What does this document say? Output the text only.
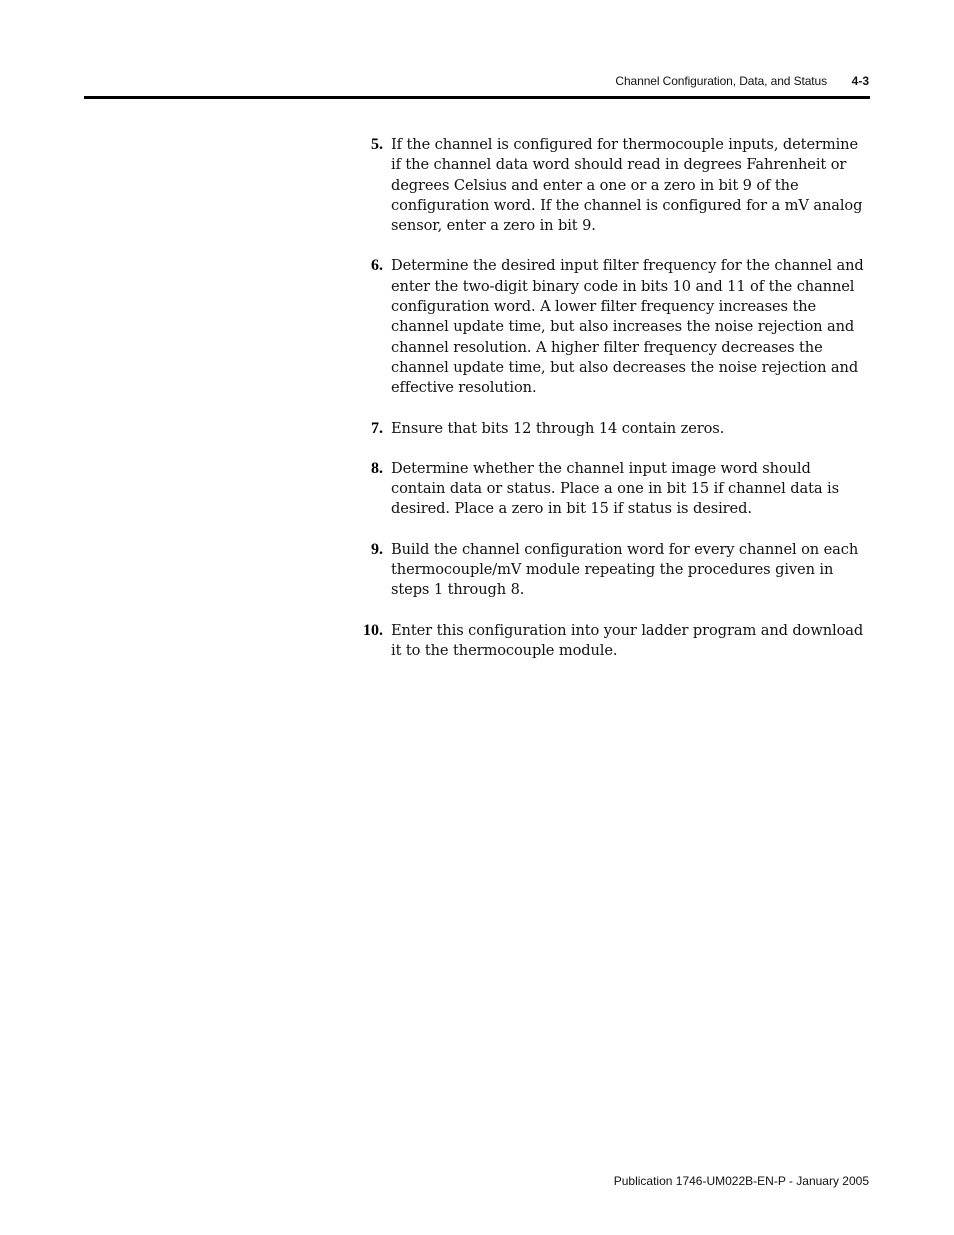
Channel Configuration, Data, and Status 4-3
5. If the channel is configured for thermocouple inputs, determine if the channel data word should read in degrees Fahrenheit or degrees Celsius and enter a one or a zero in bit 9 of the configuration word. If the channel is configured for a mV analog sensor, enter a zero in bit 9.
6. Determine the desired input filter frequency for the channel and enter the two-digit binary code in bits 10 and 11 of the channel configuration word. A lower filter frequency increases the channel update time, but also increases the noise rejection and channel resolution. A higher filter frequency decreases the channel update time, but also decreases the noise rejection and effective resolution.
7. Ensure that bits 12 through 14 contain zeros.
8. Determine whether the channel input image word should contain data or status. Place a one in bit 15 if channel data is desired. Place a zero in bit 15 if status is desired.
9. Build the channel configuration word for every channel on each thermocouple/mV module repeating the procedures given in steps 1 through 8.
10. Enter this configuration into your ladder program and download it to the thermocouple module.
Publication 1746-UM022B-EN-P - January 2005
